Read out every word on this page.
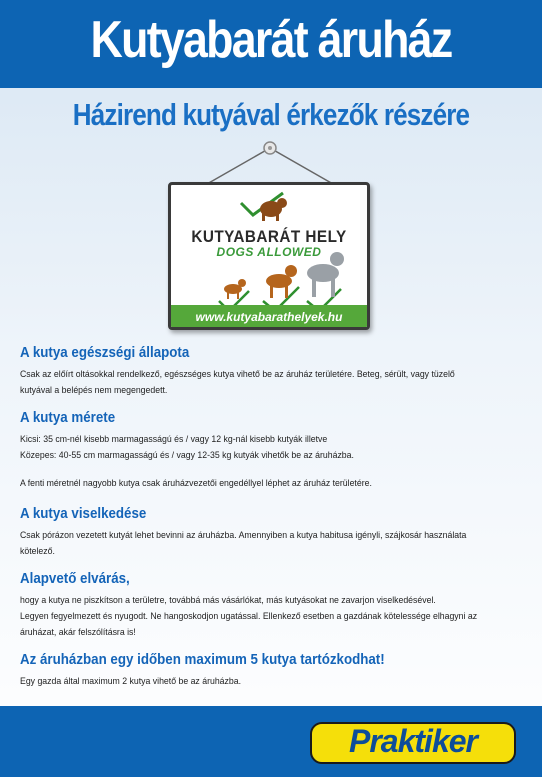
Kutyabarát áruház
Házirend kutyával érkezők részére
KUTYABARÁT HELY
DOGS ALLOWED
www.kutyabarathelyek.hu
A kutya egészségi állapota

Csak az előírt oltásokkal rendelkező, egészséges kutya vihető be az áruház területére. Beteg, sérült, vagy tüzelő

kutyával a belépés nem megengedett.

A kutya mérete

Kicsi: 35 cm-nél kisebb marmagasságú és / vagy 12 kg-nál kisebb kutyák illetve

Közepes: 40-55 cm marmagasságú és / vagy 12-35 kg kutyák vihetők be az áruházba.

A fenti méretnél nagyobb kutya csak áruházvezetői engedéllyel léphet az áruház területére.

A kutya viselkedése

Csak pórázon vezetett kutyát lehet bevinni az áruházba. Amennyiben a kutya habitusa igényli, szájkosár használata

kötelező.

Alapvető elvárás,

hogy a kutya ne piszkítson a területre, továbbá más vásárlókat, más kutyásokat ne zavarjon viselkedésével.

Legyen fegyelmezett és nyugodt. Ne hangoskodjon ugatással. Ellenkező esetben a gazdának kötelessége elhagyni az

áruházat, akár felszólításra is!

Az áruházban egy időben maximum 5 kutya tartózkodhat!

Egy gazda által maximum 2 kutya vihető be az áruházba.

Praktiker
